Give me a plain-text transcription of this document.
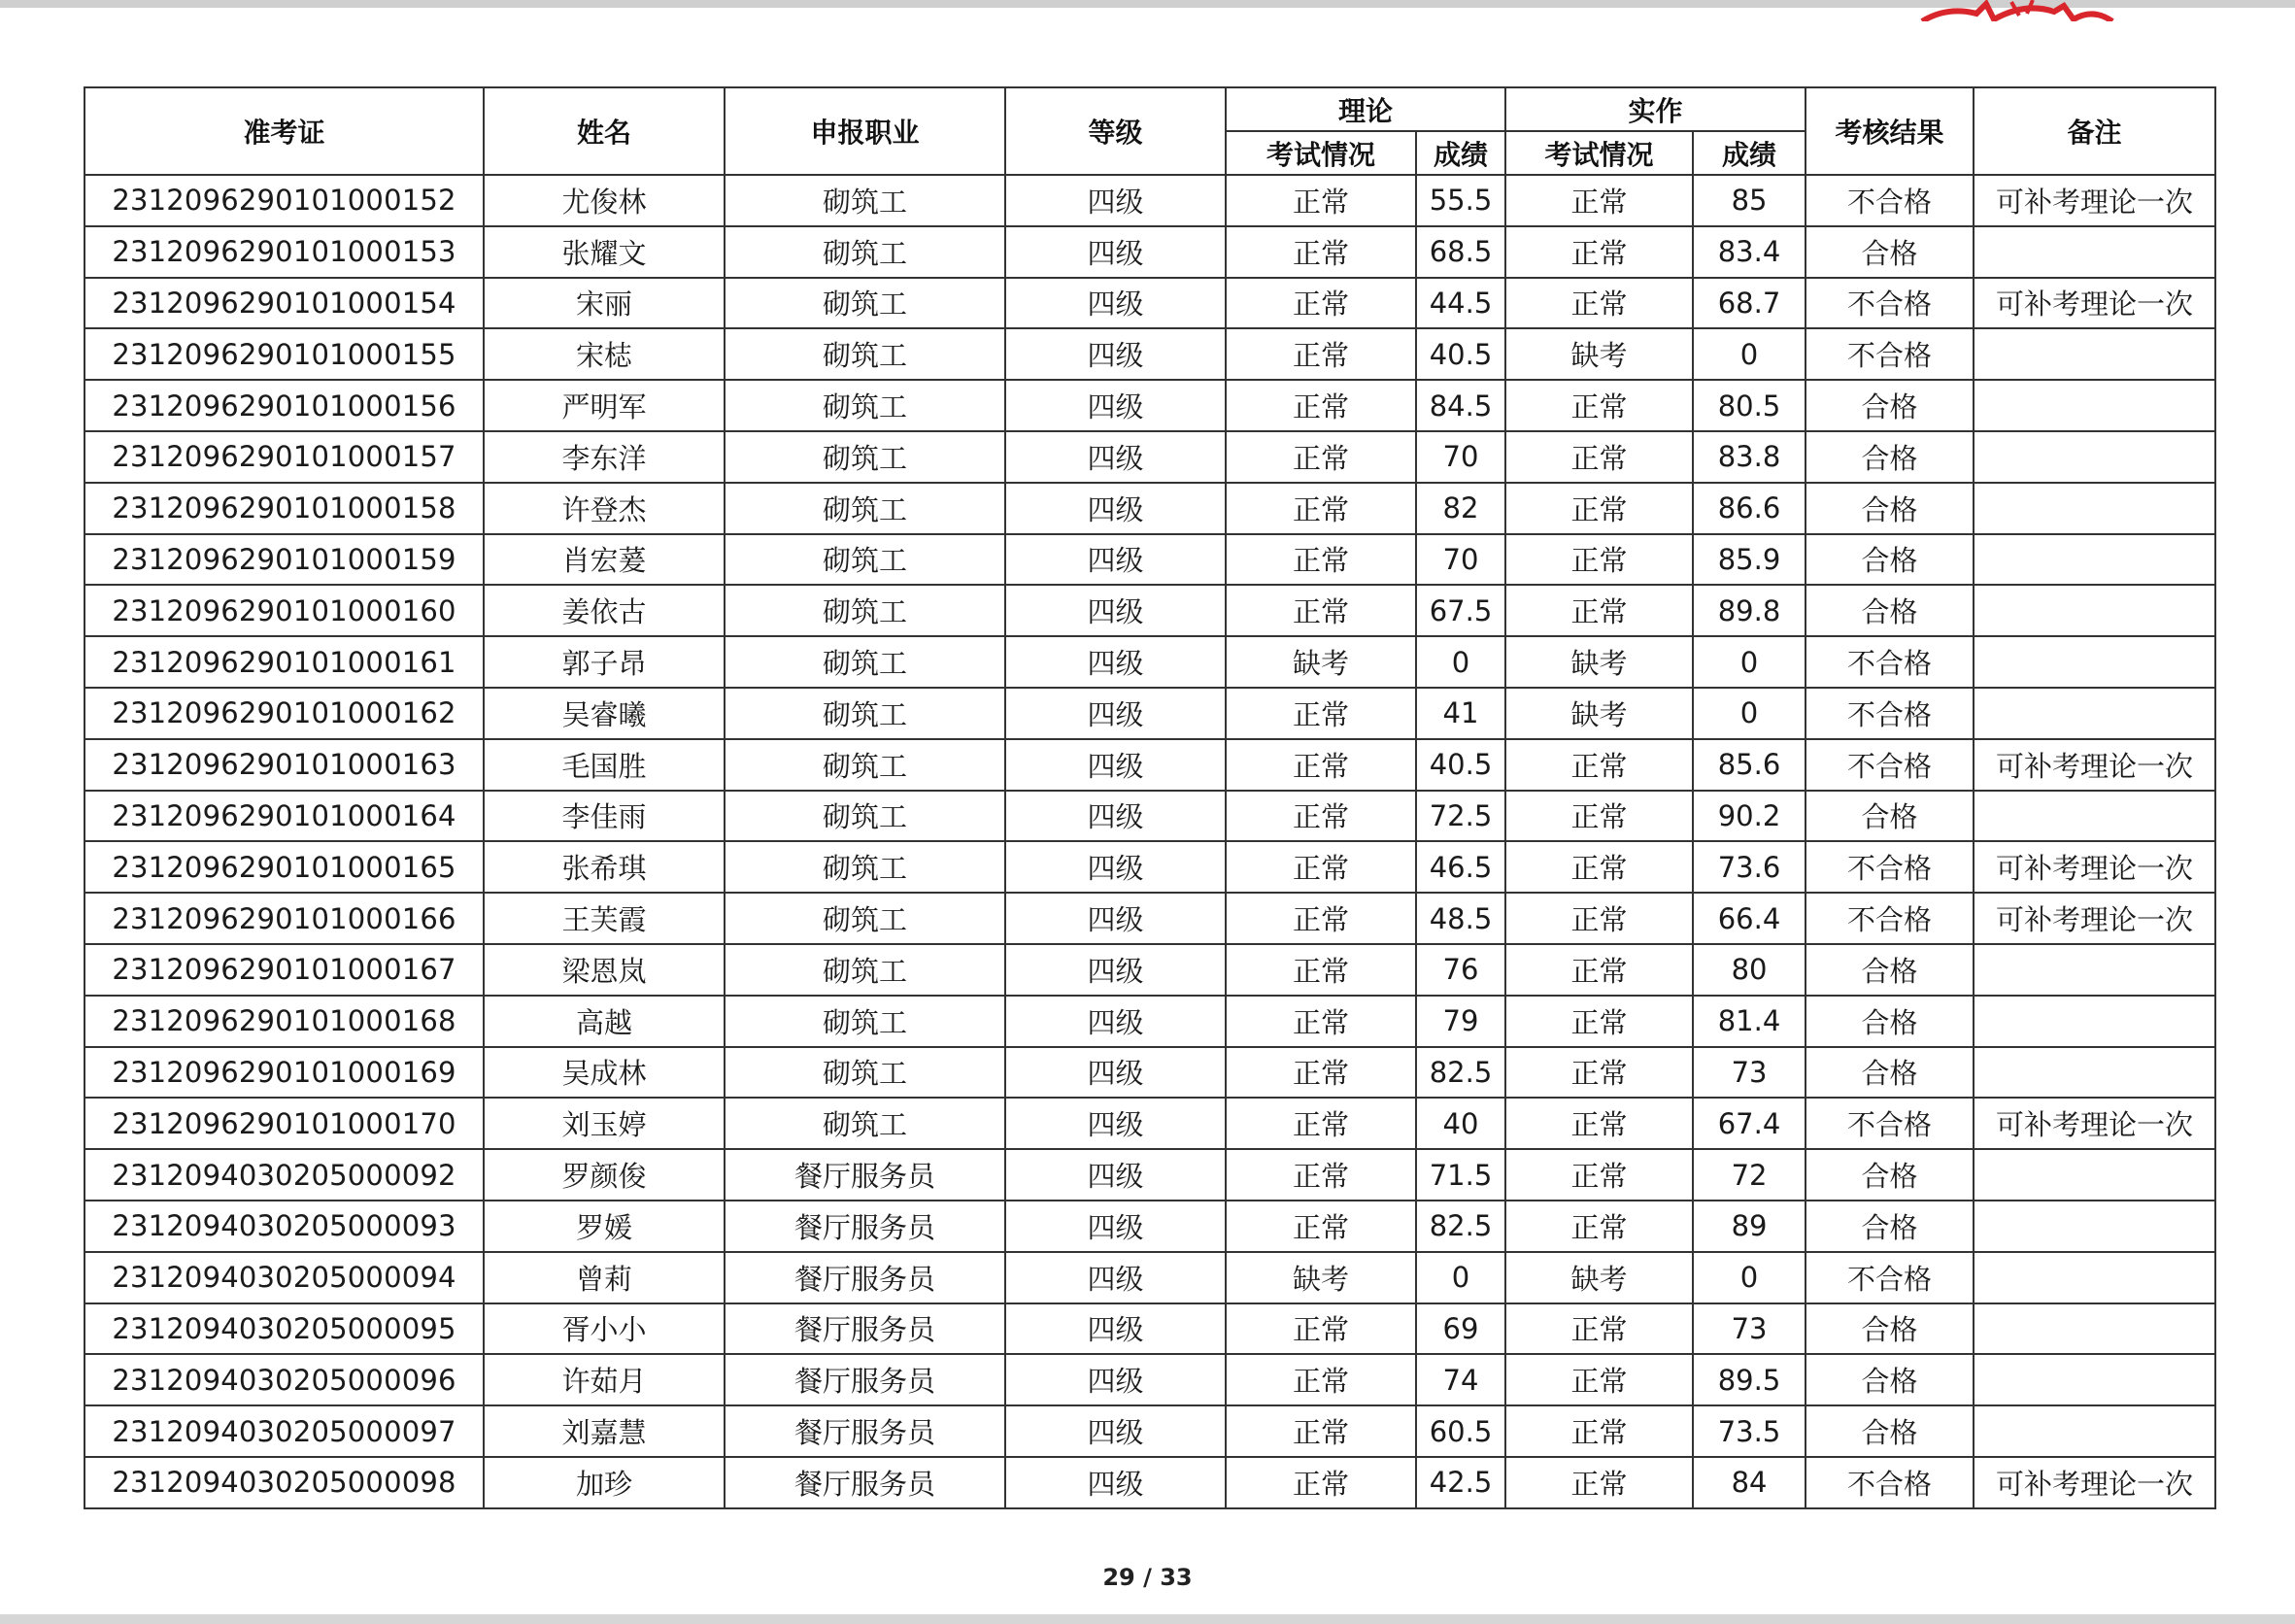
准考证	姓名	申报职业	等级	理论		实作		考核结果	备注
				考试情况	成绩	考试情况	成绩		
2312096290101000152	尤俊林	砌筑工	四级	正常	55.5	正常	85	不合格	可补考理论一次
2312096290101000153	张耀文	砌筑工	四级	正常	68.5	正常	83.4	合格	
2312096290101000154	宋丽	砌筑工	四级	正常	44.5	正常	68.7	不合格	可补考理论一次
2312096290101000155	宋梽	砌筑工	四级	正常	40.5	缺考	0	不合格	
2312096290101000156	严明军	砌筑工	四级	正常	84.5	正常	80.5	合格	
2312096290101000157	李东洋	砌筑工	四级	正常	70	正常	83.8	合格	
2312096290101000158	许登杰	砌筑工	四级	正常	82	正常	86.6	合格	
2312096290101000159	肖宏萲	砌筑工	四级	正常	70	正常	85.9	合格	
2312096290101000160	姜依古	砌筑工	四级	正常	67.5	正常	89.8	合格	
2312096290101000161	郭子昂	砌筑工	四级	缺考	0	缺考	0	不合格	
2312096290101000162	吴睿曦	砌筑工	四级	正常	41	缺考	0	不合格	
2312096290101000163	毛国胜	砌筑工	四级	正常	40.5	正常	85.6	不合格	可补考理论一次
2312096290101000164	李佳雨	砌筑工	四级	正常	72.5	正常	90.2	合格	
2312096290101000165	张希琪	砌筑工	四级	正常	46.5	正常	73.6	不合格	可补考理论一次
2312096290101000166	王芙霞	砌筑工	四级	正常	48.5	正常	66.4	不合格	可补考理论一次
2312096290101000167	梁恩岚	砌筑工	四级	正常	76	正常	80	合格	
2312096290101000168	高越	砌筑工	四级	正常	79	正常	81.4	合格	
2312096290101000169	吴成林	砌筑工	四级	正常	82.5	正常	73	合格	
2312096290101000170	刘玉婷	砌筑工	四级	正常	40	正常	67.4	不合格	可补考理论一次
2312094030205000092	罗颜俊	餐厅服务员	四级	正常	71.5	正常	72	合格	
2312094030205000093	罗媛	餐厅服务员	四级	正常	82.5	正常	89	合格	
2312094030205000094	曾莉	餐厅服务员	四级	缺考	0	缺考	0	不合格	
2312094030205000095	胥小小	餐厅服务员	四级	正常	69	正常	73	合格	
2312094030205000096	许茹月	餐厅服务员	四级	正常	74	正常	89.5	合格	
2312094030205000097	刘嘉慧	餐厅服务员	四级	正常	60.5	正常	73.5	合格	
2312094030205000098	加珍	餐厅服务员	四级	正常	42.5	正常	84	不合格	可补考理论一次
29 / 33
